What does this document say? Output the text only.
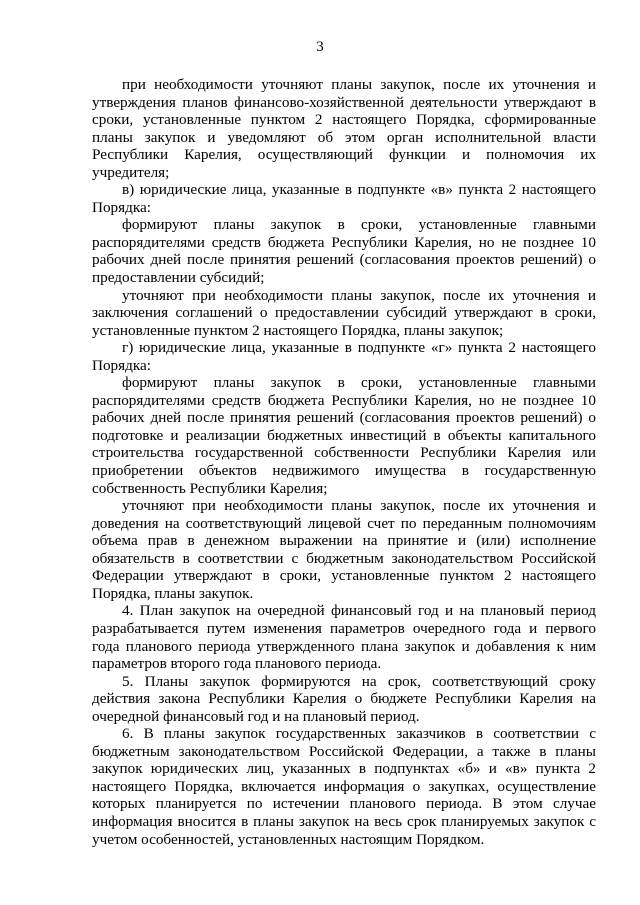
3

при необходимости уточняют планы закупок, после их уточнения и утверждения планов финансово-хозяйственной деятельности утверждают в сроки, установленные пунктом 2 настоящего Порядка, сформированные планы закупок и уведомляют об этом орган исполнительной власти Республики Карелия, осуществляющий функции и полномочия их учредителя;

в) юридические лица, указанные в подпункте «в» пункта 2 настоящего Порядка:

формируют планы закупок в сроки, установленные главными распорядителями средств бюджета Республики Карелия, но не позднее 10 рабочих дней после принятия решений (согласования проектов решений) о предоставлении субсидий;

уточняют при необходимости планы закупок, после их уточнения и заключения соглашений о предоставлении субсидий утверждают в сроки, установленные пунктом 2 настоящего Порядка, планы закупок;

г) юридические лица, указанные в подпункте «г» пункта 2 настоящего Порядка:

формируют планы закупок в сроки, установленные главными распорядителями средств бюджета Республики Карелия, но не позднее 10 рабочих дней после принятия решений (согласования проектов решений) о подготовке и реализации бюджетных инвестиций в объекты капитального строительства государственной собственности Республики Карелия или приобретении объектов недвижимого имущества в государственную собственность Республики Карелия;

уточняют при необходимости планы закупок, после их уточнения и доведения на соответствующий лицевой счет по переданным полномочиям объема прав в денежном выражении на принятие и (или) исполнение обязательств в соответствии с бюджетным законодательством Российской Федерации утверждают в сроки, установленные пунктом 2 настоящего Порядка, планы закупок.

4. План закупок на очередной финансовый год и на плановый период разрабатывается путем изменения параметров очередного года и первого года планового периода утвержденного плана закупок и добавления к ним параметров второго года планового периода.

5. Планы закупок формируются на срок, соответствующий сроку действия закона Республики Карелия о бюджете Республики Карелия на очередной финансовый год и на плановый период.

6. В планы закупок государственных заказчиков в соответствии с бюджетным законодательством Российской Федерации, а также в планы закупок юридических лиц, указанных в подпунктах «б» и «в» пункта 2 настоящего Порядка, включается информация о закупках, осуществление которых планируется по истечении планового периода. В этом случае информация вносится в планы закупок на весь срок планируемых закупок с учетом особенностей, установленных настоящим Порядком.
